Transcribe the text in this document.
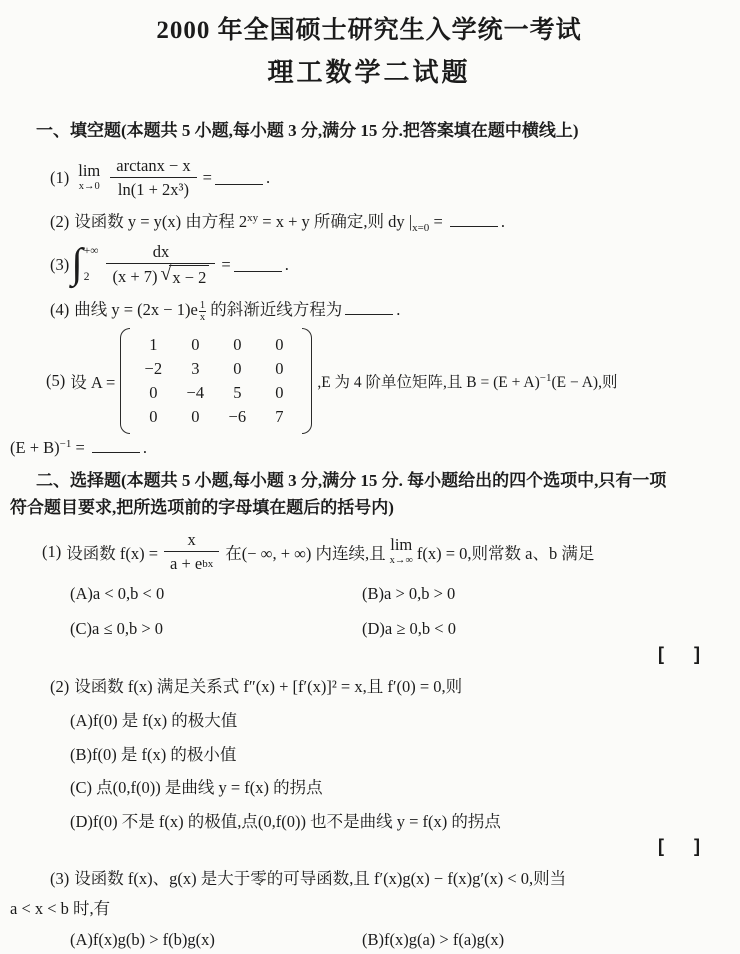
2000 年全国硕士研究生入学统一考试
理工数学二试题

一、填空题(本题共 5 小题,每小题 3 分,满分 15 分.把答案填在题中横线上)

(1) lim
$x\to 0 \frac{\arctan x - x}{\text{ln(1 + 2x³)}}$ =	.

(2) 设函数 y = y(x) 由方程 $2^{xy} = x + y$ 所确定,则 dy $|_{x=0}$ =	.

(3) ∫ +∞
2	$\frac{dx}{(x + 7) √ x - 2}$ =	.

(4) 曲线 $y = (2x - 1)e \frac{1}{x}$ 的斜渐近线方程为	.

(5) 设 A =
1 0 0 0
−2 3 0 0
0 −4 5 0
0 0 −6 7
,E 为 4 阶单位矩阵,且 $B = (E + A)^{-1}(E - A)$,则

$(E + B)^{-1}$ =	.

二、选择题(本题共 5 小题,每小题 3 分,满分 15 分. 每小题给出的四个选项中,只有一项

符合题目要求,把所选项前的字母填在题后的括号内)

(1) 设函数 $f(x) = \frac{x}{\text{a + e bx}}$ 在(− ∞, + ∞) 内连续,且 lim
x→∞ f(x) = 0,则常数 a、b 满足
(A)a < 0,b < 0	(B)a > 0,b > 0
(C)a ≤ 0,b > 0	(D)a ≥ 0,b < 0
[      ]

(2) 设函数 f(x) 满足关系式 f″(x) + [f′(x)]² = x,且 f′(0) = 0,则

(A)f(0) 是 f(x) 的极大值

(B)f(0) 是 f(x) 的极小值

(C) 点(0,f(0)) 是曲线 y = f(x) 的拐点

(D)f(0) 不是 f(x) 的极值,点(0,f(0)) 也不是曲线 y = f(x) 的拐点

[      ]

(3) 设函数 f(x)、g(x) 是大于零的可导函数,且 f′(x)g(x) − f(x)g′(x) < 0,则当

a < x < b 时,有

(A)f(x)g(b) > f(b)g(x)	(B)f(x)g(a) > f(a)g(x)
